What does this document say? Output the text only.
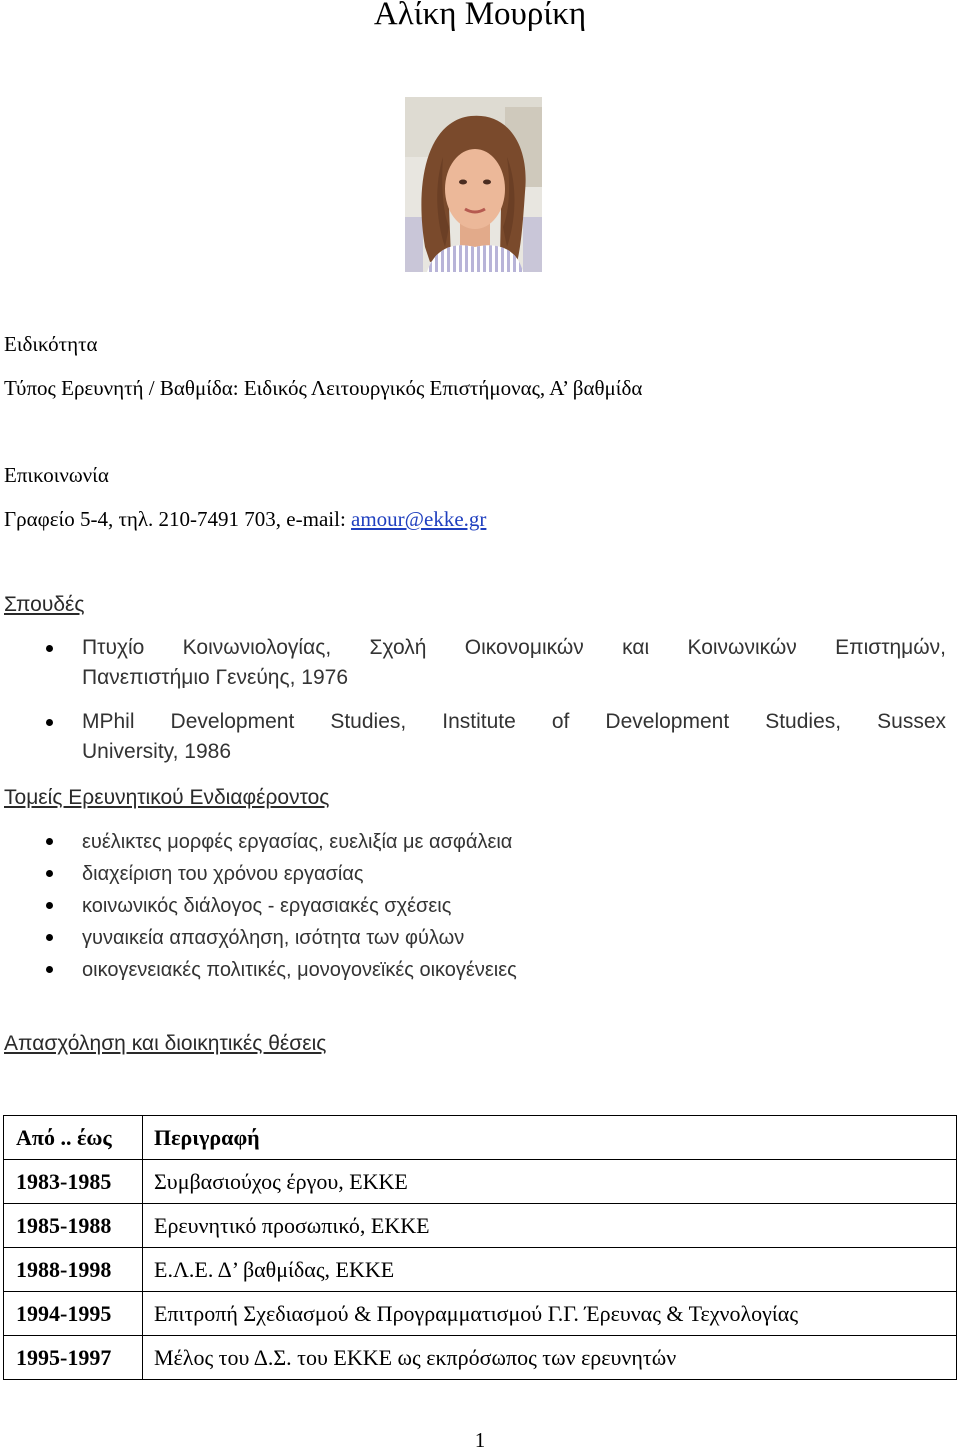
Αλίκη Μουρίκη
Ειδικότητα
Τύπος Ερευνητή / Βαθμίδα: Ειδικός Λειτουργικός Επιστήμονας, Α’ βαθμίδα
Επικοινωνία
Γραφείο 5-4, τηλ. 210-7491 703, e-mail: amour@ekke.gr
Σπουδές
Πτυχίο Κοινωνιολογίας, Σχολή Οικονομικών και Κοινωνικών Επιστημών,
Πανεπιστήμιο Γενεύης, 1976
MPhil Development Studies, Institute of Development Studies, Sussex
University, 1986
Τομείς Ερευνητικού Ενδιαφέροντος
ευέλικτες μορφές εργασίας, ευελιξία με ασφάλεια
διαχείριση του χρόνου εργασίας
κοινωνικός διάλογος - εργασιακές σχέσεις
γυναικεία απασχόληση, ισότητα των φύλων
οικογενειακές πολιτικές, μονογονεϊκές οικογένειες
Απασχόληση και διοικητικές θέσεις
Από .. έως	Περιγραφή
1983-1985	Συμβασιούχος έργου, ΕΚΚΕ
1985-1988	Ερευνητικό προσωπικό, ΕΚΚΕ
1988-1998	Ε.Λ.Ε. Δ’ βαθμίδας, ΕΚΚΕ
1994-1995	Επιτροπή Σχεδιασμού & Προγραμματισμού Γ.Γ. Έρευνας & Τεχνολογίας
1995-1997	Μέλος του Δ.Σ. του ΕΚΚΕ ως εκπρόσωπος των ερευνητών
1
